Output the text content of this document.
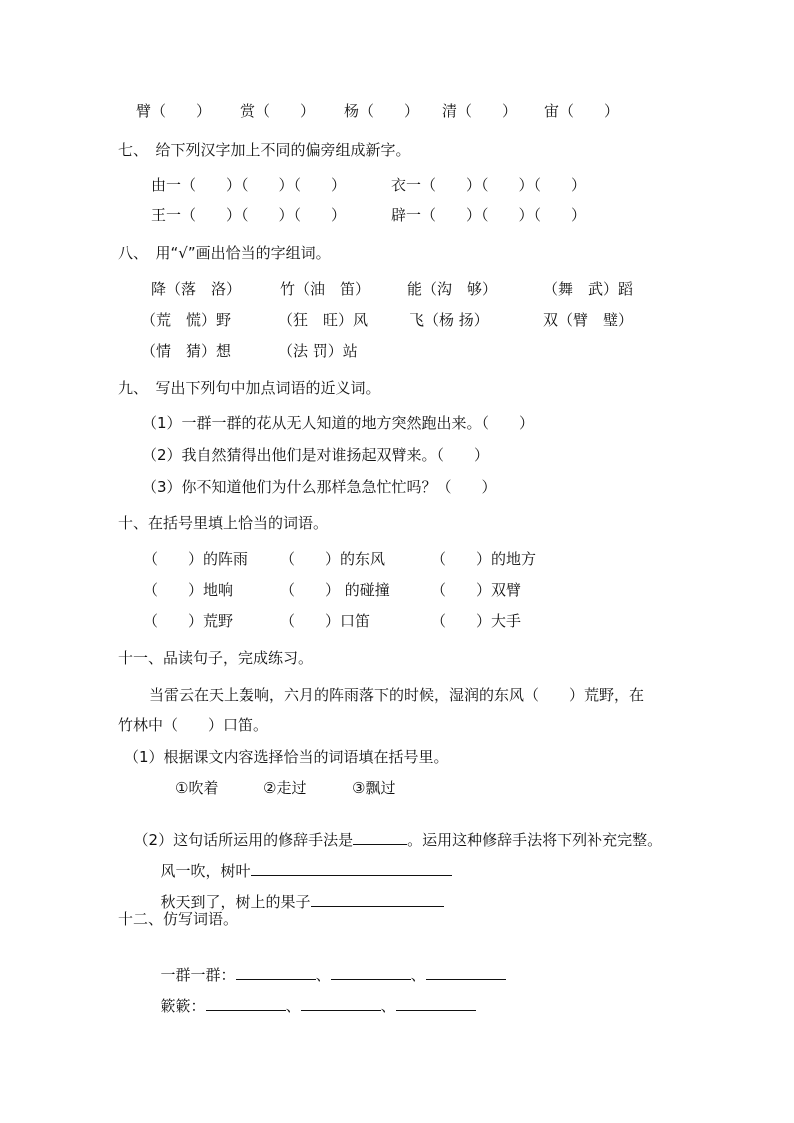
臂（　　） 赏（　　） 杨（　　） 清（　　） 宙（　　）
七、　给下列汉字加上不同的偏旁组成新字。
由一（　　）（　　）（　　）	衣一（　　）（　　）（　　）
王一（　　）（　　）（　　）	辟一（　　）（　　）（　　）
八、　用“√”画出恰当的字组词。
降（落　洛）	竹（油　笛） 能（沟　够）	（舞　武）蹈
（荒　慌）野	（狂　旺）风	飞（杨 扬）	双（臂　璧）
（情　猜）想	（法 罚）站
九、　写出下列句中加点词语的近义词。
（1）一群一群的花从无人知道的地方突然跑出来。（　　）
（2）我自然猜得出他们是对谁扬起双臂来。（　　）
（3）你不知道他们为什么那样急急忙忙吗？（　　）
十、在括号里填上恰当的词语。
（　　）的阵雨 （　　）的东风	（　　）的地方
（　　）地响	（　　） 的碰撞	（　　）双臂
（　　）荒野	（　　）口笛	（　　）大手
十一、品读句子，完成练习。
当雷云在天上轰响，六月的阵雨落下的时候，湿润的东风（　　）荒野，在
竹林中（　　）口笛。
（1）根据课文内容选择恰当的词语填在括号里。
①吹着	②走过	③飘过

（2）这句话所运用的修辞手法是	。运用这种修辞手法将下列补充完整。

风一吹，树叶

秋天到了，树上的果子

十二、仿写词语。

一群一群：	、	、

簌簌：	、	、
